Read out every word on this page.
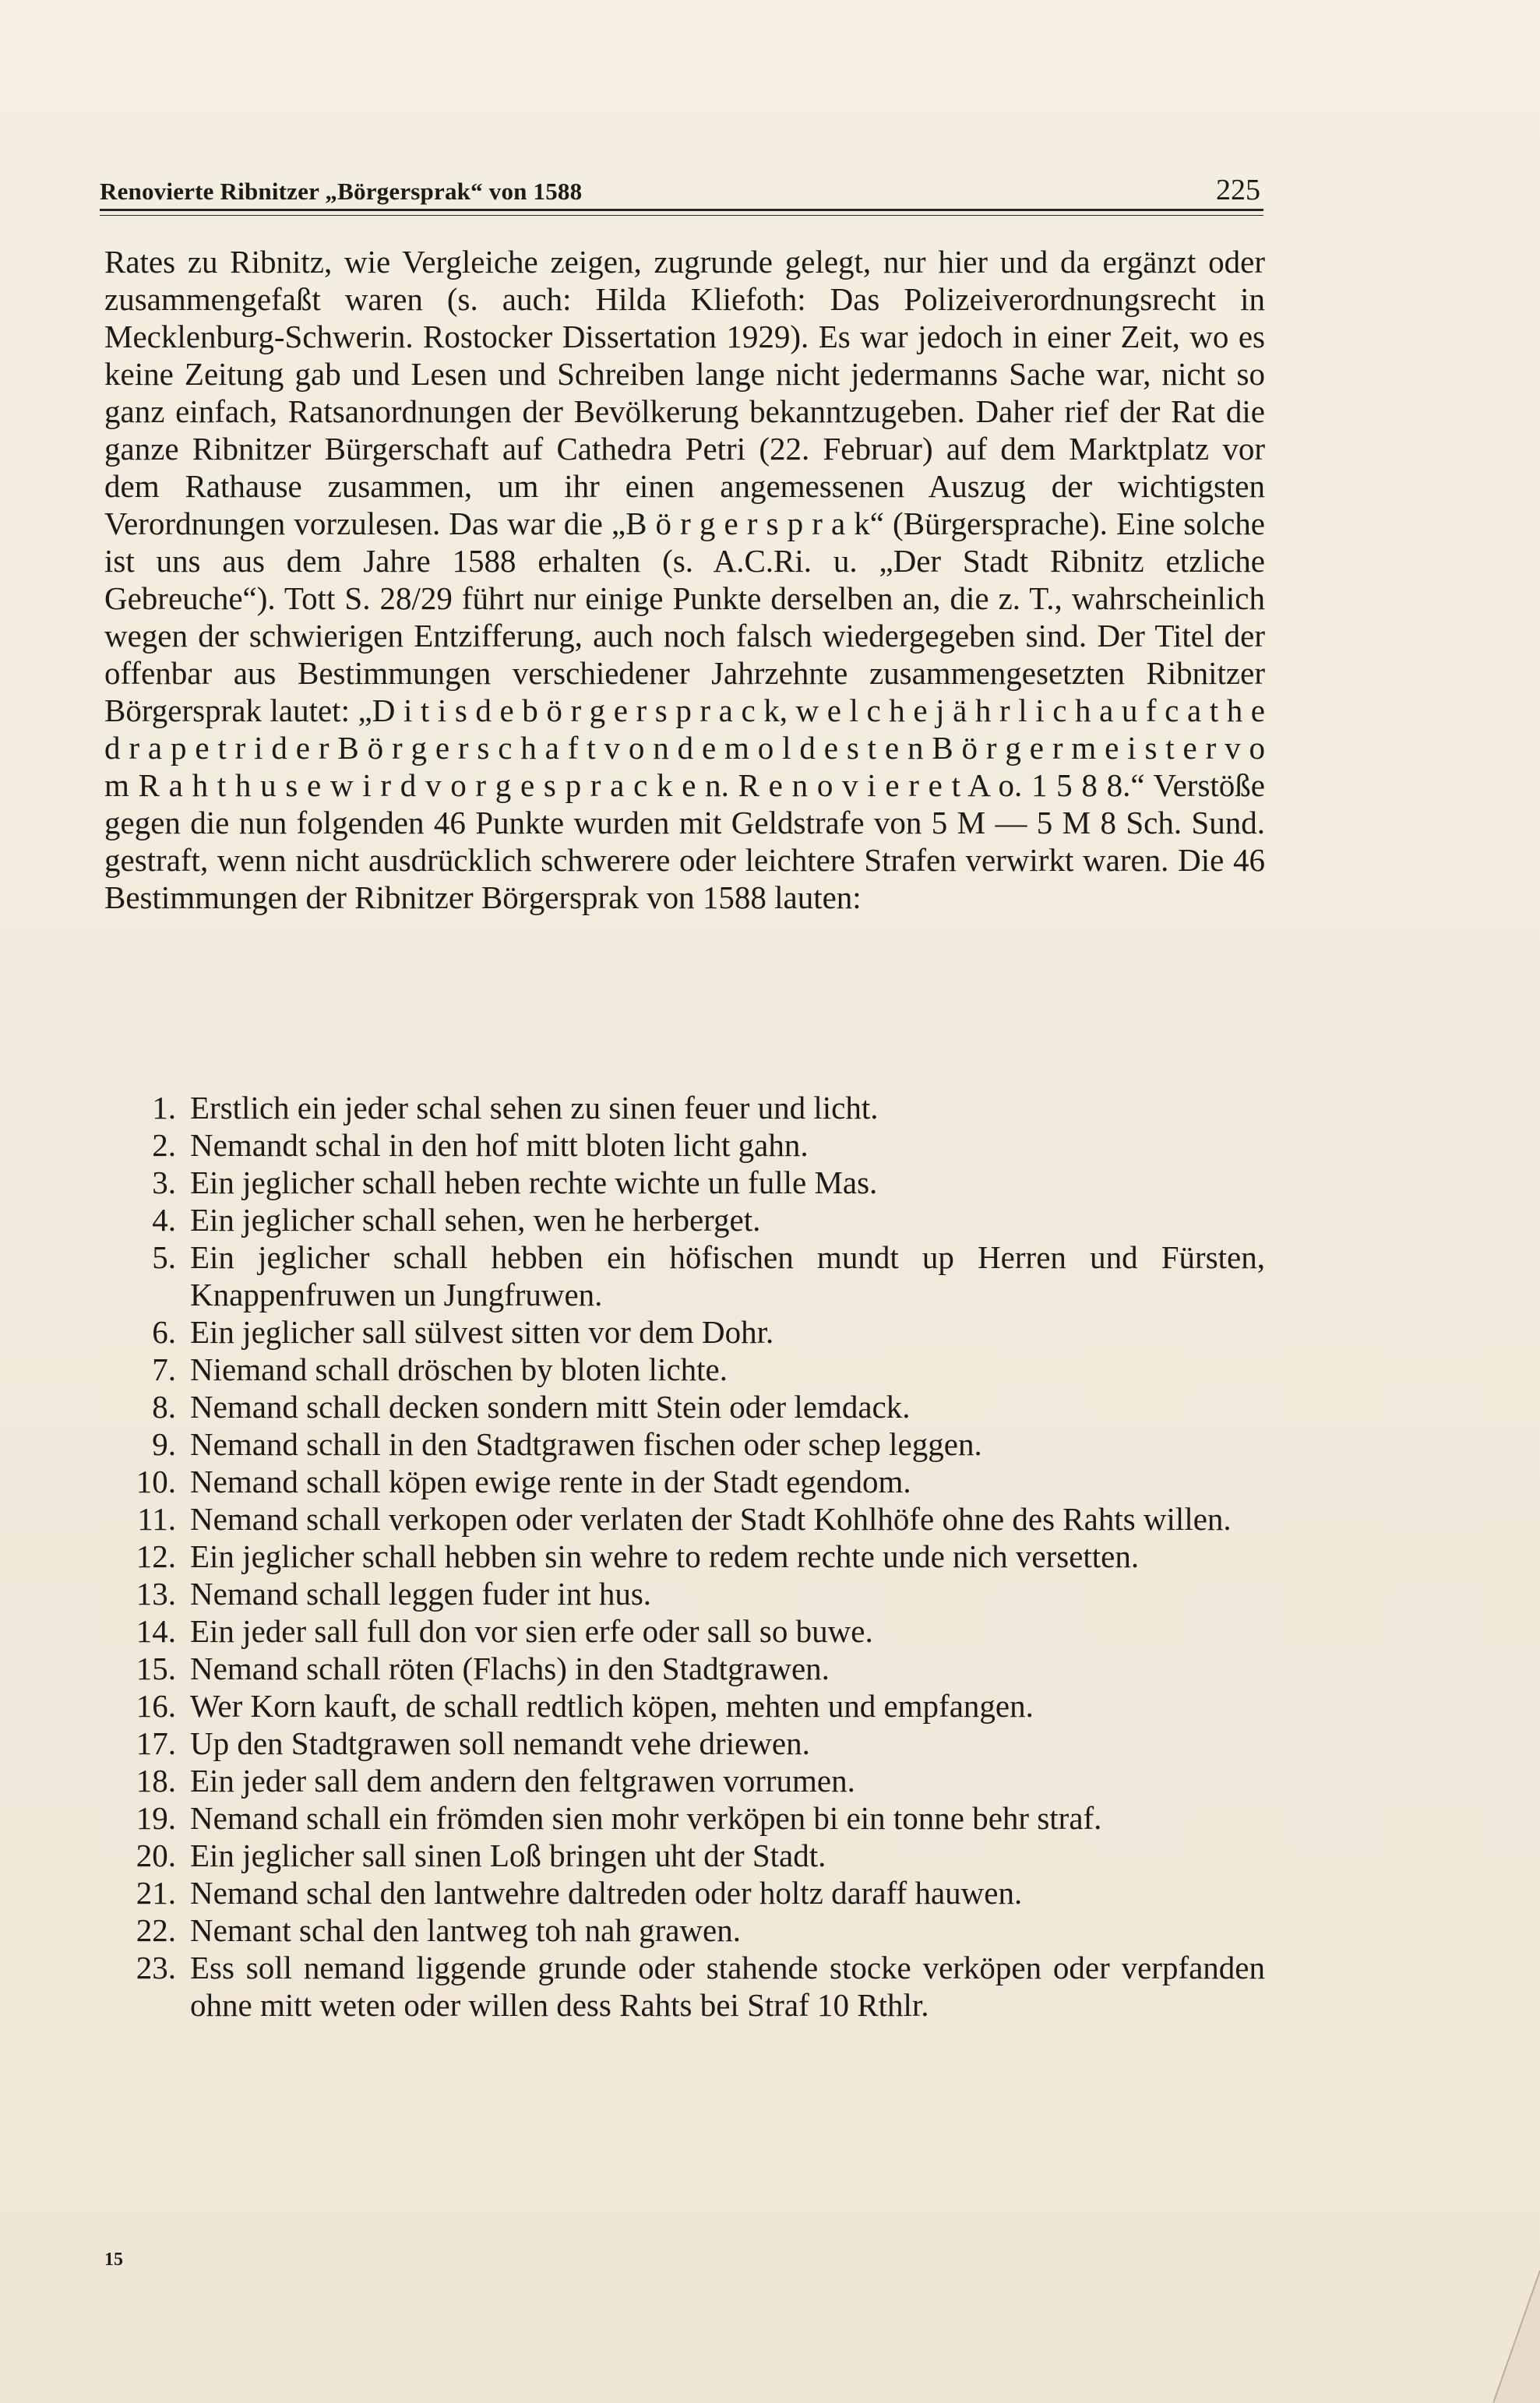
Renovierte Ribnitzer „Börgersprak“ von 1588	225

Rates zu Ribnitz, wie Vergleiche zeigen, zugrunde gelegt, nur hier und da ergänzt oder zusammengefaßt waren (s. auch: Hilda Kliefoth: Das Polizeiverordnungsrecht in Mecklenburg-Schwerin. Rostocker Dissertation 1929). Es war jedoch in einer Zeit, wo es keine Zeitung gab und Lesen und Schreiben lange nicht jedermanns Sache war, nicht so ganz einfach, Ratsanordnungen der Bevölkerung bekanntzugeben. Daher rief der Rat die ganze Ribnitzer Bürgerschaft auf Cathedra Petri (22. Februar) auf dem Marktplatz vor dem Rathause zusammen, um ihr einen angemessenen Auszug der wichtigsten Verordnungen vorzulesen. Das war die „B ö r g e r s p r a k“ (Bürgersprache). Eine solche ist uns aus dem Jahre 1588 erhalten (s. A.C.Ri. u. „Der Stadt Ribnitz etzliche Gebreuche“). Tott S. 28/29 führt nur einige Punkte derselben an, die z. T., wahrscheinlich wegen der schwierigen Entzifferung, auch noch falsch wiedergegeben sind. Der Titel der offenbar aus Bestimmungen verschiedener Jahrzehnte zusammengesetzten Ribnitzer Börgersprak lautet: „D i t i s d e b ö r g e r s p r a c k, w e l c h e j ä h r l i c h a u f c a t h e d r a p e t r i d e r B ö r g e r s c h a f t v o n d e m o l d e s t e n B ö r g e r m e i s t e r v o m R a h t h u s e w i r d v o r g e s p r a c k e n. R e n o v i e r e t A o. 1 5 8 8.“ Verstöße gegen die nun folgenden 46 Punkte wurden mit Geldstrafe von 5 M — 5 M 8 Sch. Sund. gestraft, wenn nicht ausdrücklich schwerere oder leichtere Strafen verwirkt waren. Die 46 Bestimmungen der Ribnitzer Börgersprak von 1588 lauten:

1. Erstlich ein jeder schal sehen zu sinen feuer und licht.
2. Nemandt schal in den hof mitt bloten licht gahn.
3. Ein jeglicher schall heben rechte wichte un fulle Mas.
4. Ein jeglicher schall sehen, wen he herberget.
5. Ein jeglicher schall hebben ein höfischen mundt up Herren und Fürsten, Knappenfruwen un Jungfruwen.
6. Ein jeglicher sall sülvest sitten vor dem Dohr.
7. Niemand schall dröschen by bloten lichte.
8. Nemand schall decken sondern mitt Stein oder lemdack.
9. Nemand schall in den Stadtgrawen fischen oder schep leggen.
10. Nemand schall köpen ewige rente in der Stadt egendom.
11. Nemand schall verkopen oder verlaten der Stadt Kohlhöfe ohne des Rahts willen.
12. Ein jeglicher schall hebben sin wehre to redem rechte unde nich versetten.
13. Nemand schall leggen fuder int hus.
14. Ein jeder sall full don vor sien erfe oder sall so buwe.
15. Nemand schall röten (Flachs) in den Stadtgrawen.
16. Wer Korn kauft, de schall redtlich köpen, mehten und empfangen.
17. Up den Stadtgrawen soll nemandt vehe driewen.
18. Ein jeder sall dem andern den feltgrawen vorrumen.
19. Nemand schall ein frömden sien mohr verköpen bi ein tonne behr straf.
20. Ein jeglicher sall sinen Loß bringen uht der Stadt.
21. Nemand schal den lantwehre daltreden oder holtz daraff hauwen.
22. Nemant schal den lantweg toh nah grawen.
23. Ess soll nemand liggende grunde oder stahende stocke verköpen oder verpfanden ohne mitt weten oder willen dess Rahts bei Straf 10 Rthlr.
15
